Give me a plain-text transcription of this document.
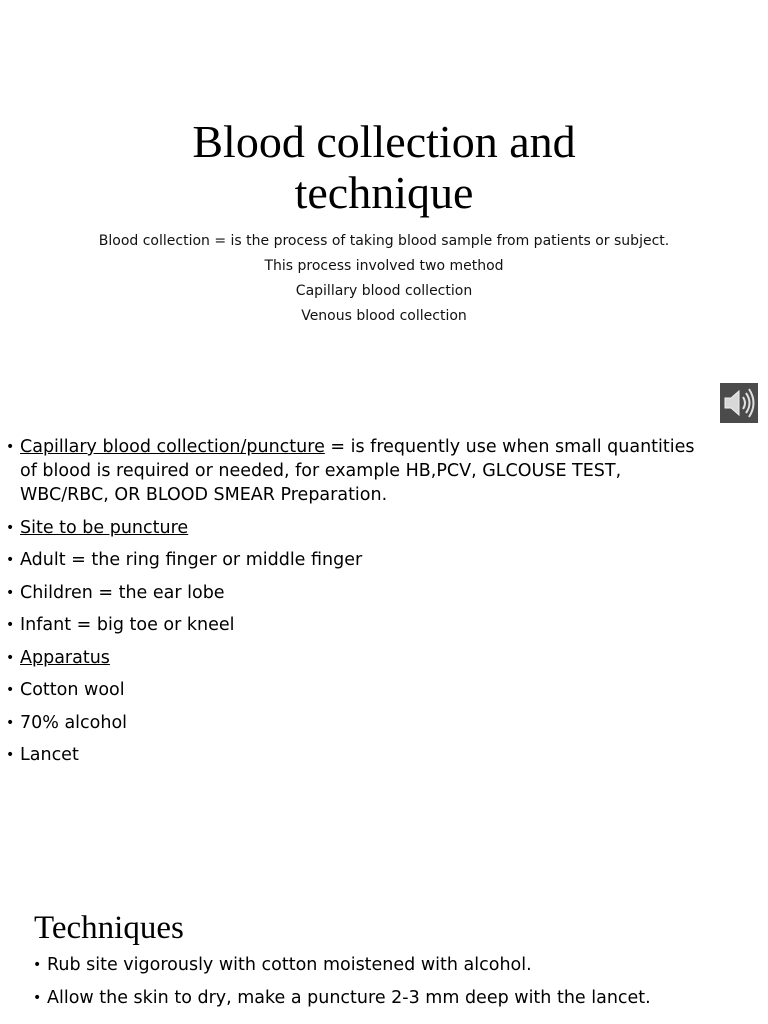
Blood collection and
technique
Blood collection = is the process of taking blood sample from patients or subject.
This process involved two method
Capillary blood collection
Venous blood collection
• Capillary blood collection/puncture = is frequently use when small quantities of blood is required or needed, for example HB,PCV, GLCOUSE TEST, WBC/RBC, OR BLOOD SMEAR Preparation.
• Site to be puncture
• Adult = the ring finger or middle finger
• Children = the ear lobe
• Infant = big toe or kneel
• Apparatus
• Cotton wool
• 70% alcohol
• Lancet
Techniques
• Rub site vigorously with cotton moistened with alcohol.
• Allow the skin to dry, make a puncture 2-3 mm deep with the lancet.
